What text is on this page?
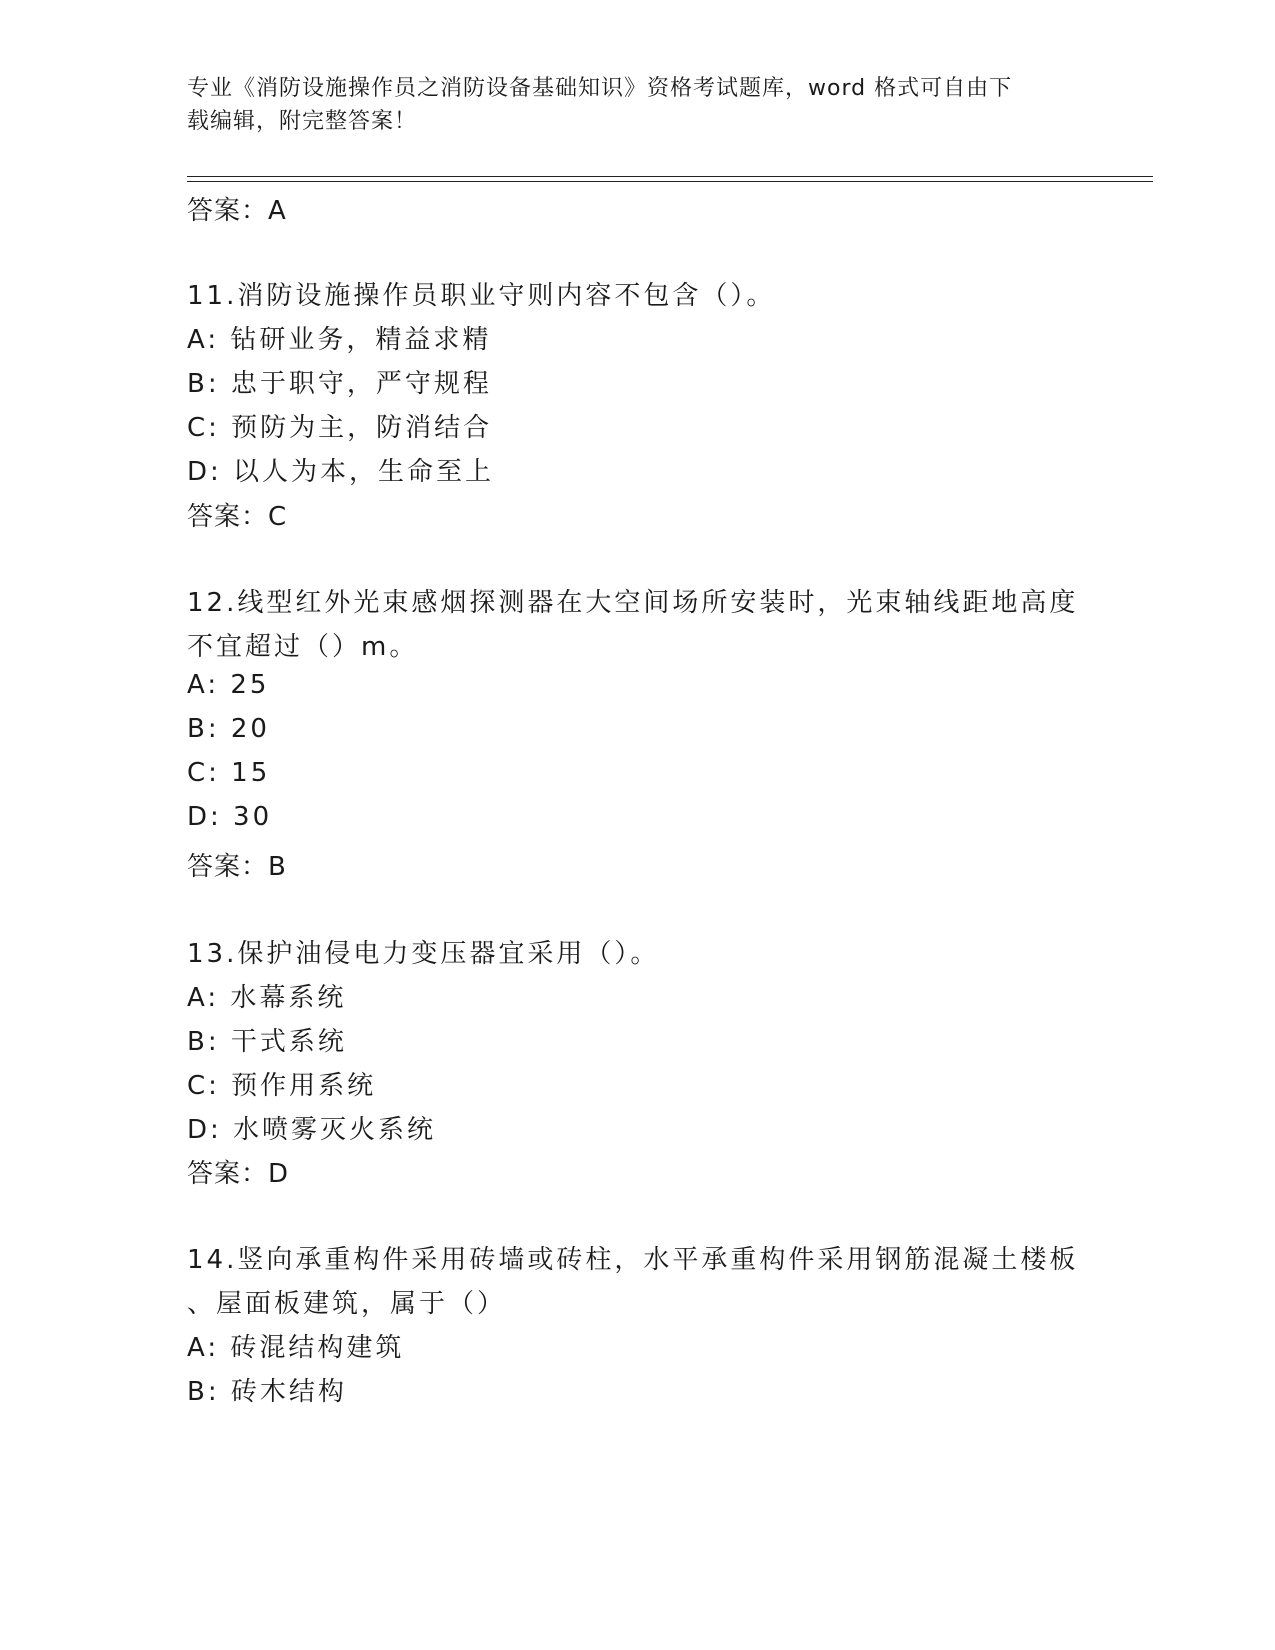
专业《消防设施操作员之消防设备基础知识》资格考试题库，word 格式可自由下
载编辑，附完整答案！
答案：A
11.消防设施操作员职业守则内容不包含（）。
A: 钻研业务，精益求精
B: 忠于职守，严守规程
C: 预防为主，防消结合
D: 以人为本，生命至上
答案：C
12.线型红外光束感烟探测器在大空间场所安装时，光束轴线距地高度
不宜超过（）m。
A: 25
B: 20
C: 15
D: 30
答案：B
13.保护油侵电力变压器宜采用（）。
A: 水幕系统
B: 干式系统
C: 预作用系统
D: 水喷雾灭火系统
答案：D
14.竖向承重构件采用砖墙或砖柱，水平承重构件采用钢筋混凝土楼板
、屋面板建筑，属于（）
A: 砖混结构建筑
B: 砖木结构
